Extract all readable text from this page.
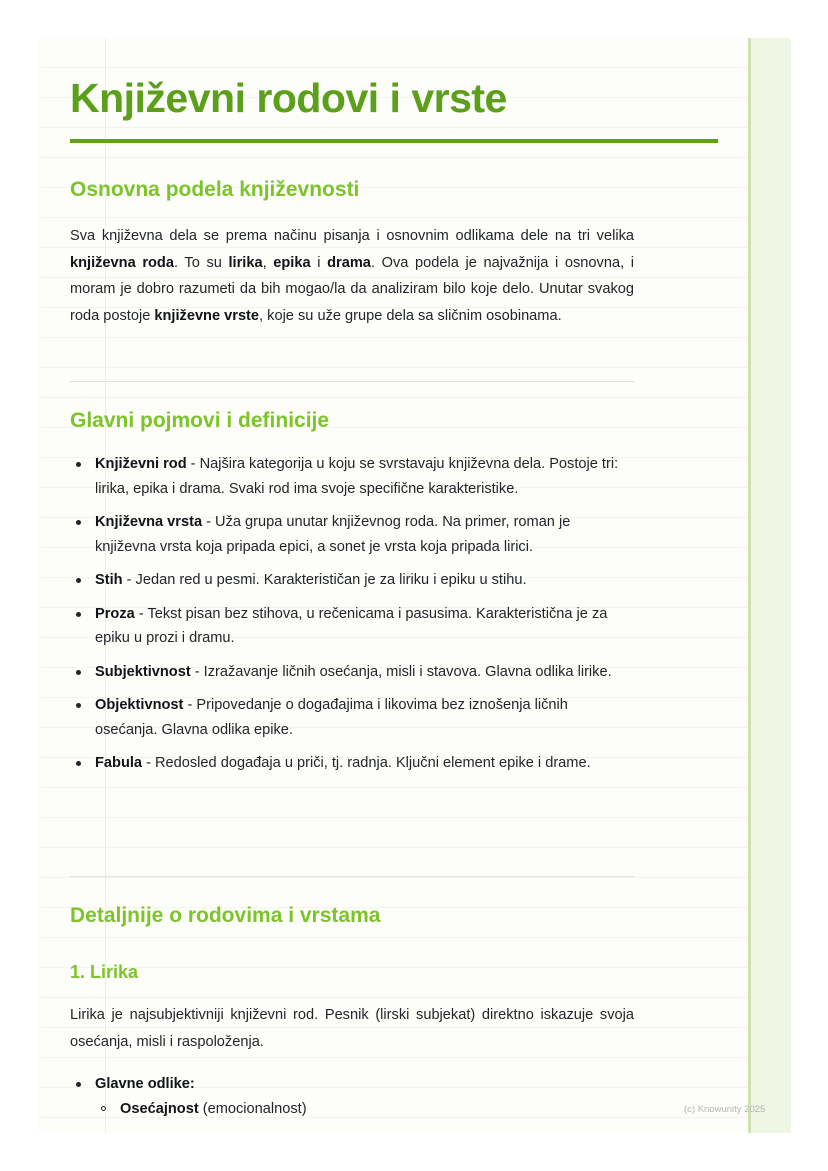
Književni rodovi i vrste
Osnovna podela književnosti

Sva književna dela se prema načinu pisanja i osnovnim odlikama dele na tri velika književna roda. To su lirika, epika i drama. Ova podela je najvažnija i osnovna, i moram je dobro razumeti da bih mogao/la da analiziram bilo koje delo. Unutar svakog roda postoje književne vrste, koje su uže grupe dela sa sličnim osobinama.

Glavni pojmovi i definicije
Književni rod - Najšira kategorija u koju se svrstavaju književna dela. Postoje tri: lirika, epika i drama. Svaki rod ima svoje specifične karakteristike.
Književna vrsta - Uža grupa unutar književnog roda. Na primer, roman je književna vrsta koja pripada epici, a sonet je vrsta koja pripada lirici.
Stih - Jedan red u pesmi. Karakterističan je za liriku i epiku u stihu.
Proza - Tekst pisan bez stihova, u rečenicama i pasusima. Karakteristična je za epiku u prozi i dramu.
Subjektivnost - Izražavanje ličnih osećanja, misli i stavova. Glavna odlika lirike.
Objektivnost - Pripovedanje o događajima i likovima bez iznošenja ličnih osećanja. Glavna odlika epike.
Fabula - Redosled događaja u priči, tj. radnja. Ključni element epike i drame.
Detaljnije o rodovima i vrstama
1. Lirika

Lirika je najsubjektivniji književni rod. Pesnik (lirski subjekat) direktno iskazuje svoja osećanja, misli i raspoloženja.

Glavne odlike:
Osećajnost (emocionalnost)	(c) Knowunity 2025
